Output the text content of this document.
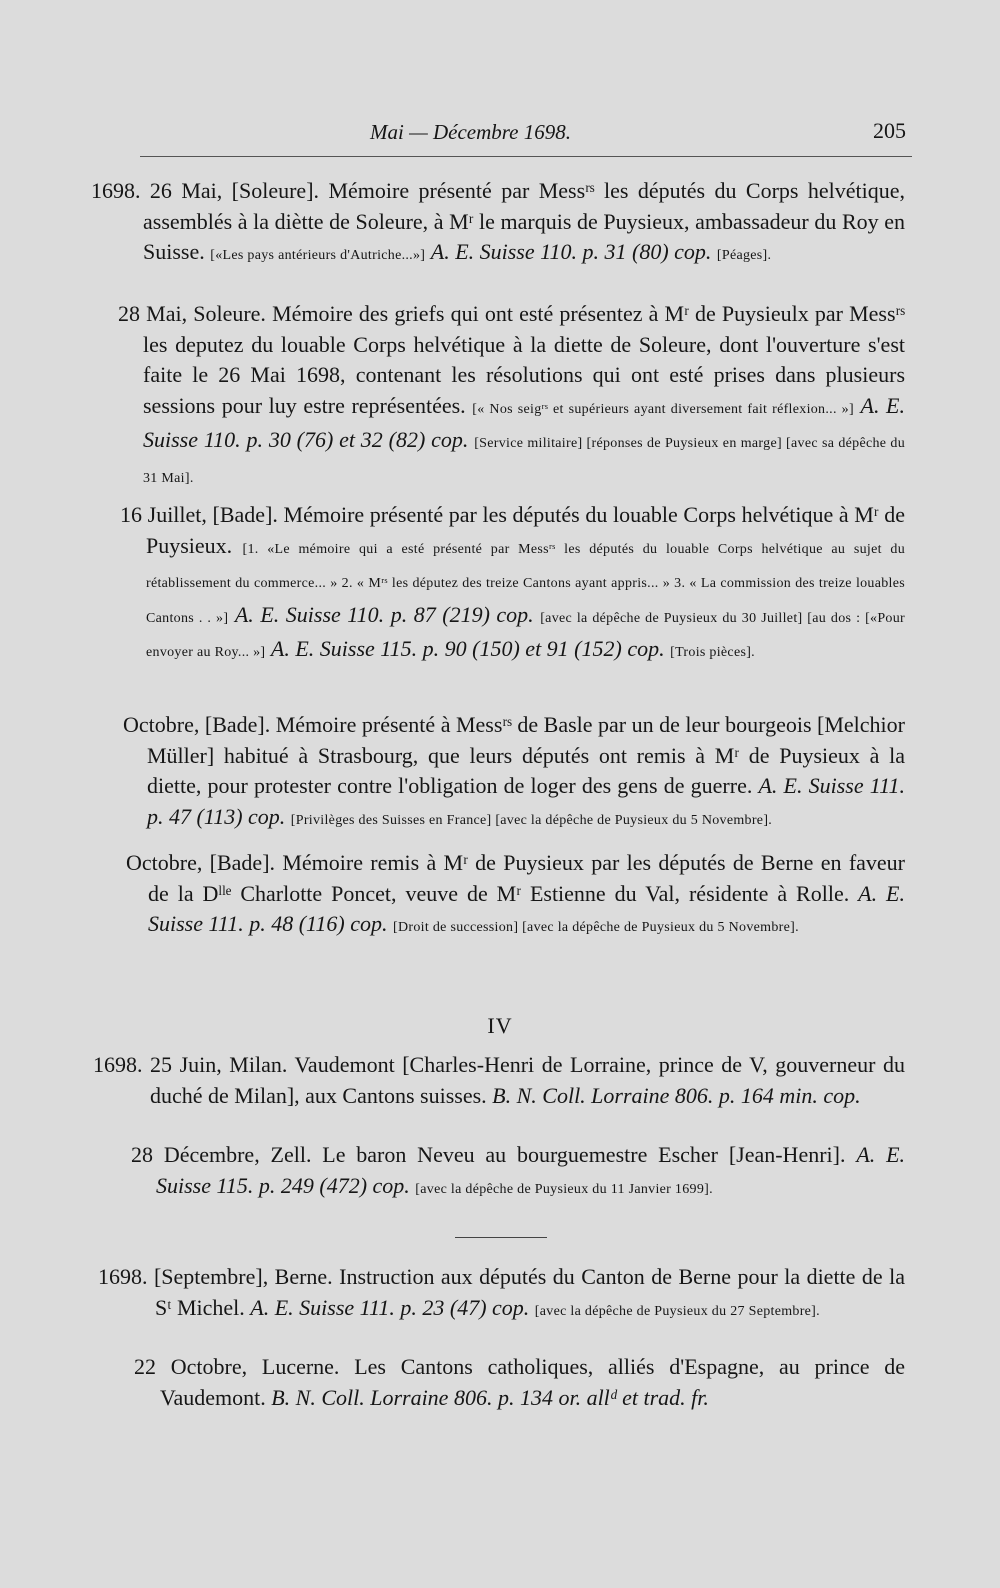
Mai — Décembre 1698.	205

1698. 26 Mai, [Soleure]. Mémoire présenté par Messʳˢ les députés du Corps helvétique, assemblés à la diètte de Soleure, à Mʳ le marquis de Puysieux, ambassadeur du Roy en Suisse. [«Les pays antérieurs d'Autriche...»] A. E. Suisse 110. p. 31 (80) cop. [Péages].

28 Mai, Soleure. Mémoire des griefs qui ont esté présentez à Mʳ de Puysieulx par Messʳˢ les deputez du louable Corps helvétique à la diette de Soleure, dont l'ouverture s'est faite le 26 Mai 1698, contenant les résolutions qui ont esté prises dans plusieurs sessions pour luy estre représentées. [« Nos seigʳˢ et supérieurs ayant diversement fait réflexion... »] A. E. Suisse 110. p. 30 (76) et 32 (82) cop. [Service militaire] [réponses de Puysieux en marge] [avec sa dépêche du 31 Mai].

16 Juillet, [Bade]. Mémoire présenté par les députés du louable Corps helvétique à Mʳ de Puysieux. [1. «Le mémoire qui a esté présenté par Messʳˢ les députés du louable Corps helvétique au sujet du rétablissement du commerce... » 2. « Mʳˢ les députez des treize Cantons ayant appris... » 3. « La commission des treize louables Cantons . . »] A. E. Suisse 110. p. 87 (219) cop. [avec la dépêche de Puysieux du 30 Juillet] [au dos : [«Pour envoyer au Roy... »] A. E. Suisse 115. p. 90 (150) et 91 (152) cop. [Trois pièces].

Octobre, [Bade]. Mémoire présenté à Messʳˢ de Basle par un de leur bourgeois [Melchior Müller] habitué à Strasbourg, que leurs députés ont remis à Mʳ de Puysieux à la diette, pour protester contre l'obligation de loger des gens de guerre. A. E. Suisse 111. p. 47 (113) cop. [Privilèges des Suisses en France] [avec la dépêche de Puysieux du 5 Novembre].

Octobre, [Bade]. Mémoire remis à Mʳ de Puysieux par les députés de Berne en faveur de la Dˡˡᵉ Charlotte Poncet, veuve de Mʳ Estienne du Val, résidente à Rolle. A. E. Suisse 111. p. 48 (116) cop. [Droit de succession] [avec la dépêche de Puysieux du 5 Novembre].

IV

1698. 25 Juin, Milan. Vaudemont [Charles-Henri de Lorraine, prince de V, gouverneur du duché de Milan], aux Cantons suisses. B. N. Coll. Lorraine 806. p. 164 min. cop.

28 Décembre, Zell. Le baron Neveu au bourguemestre Escher [Jean-Henri]. A. E. Suisse 115. p. 249 (472) cop. [avec la dépêche de Puysieux du 11 Janvier 1699].

1698. [Septembre], Berne. Instruction aux députés du Canton de Berne pour la diette de la Sᵗ Michel. A. E. Suisse 111. p. 23 (47) cop. [avec la dépêche de Puysieux du 27 Septembre].

22 Octobre, Lucerne. Les Cantons catholiques, alliés d'Espagne, au prince de Vaudemont. B. N. Coll. Lorraine 806. p. 134 or. allᵈ et trad. fr.
